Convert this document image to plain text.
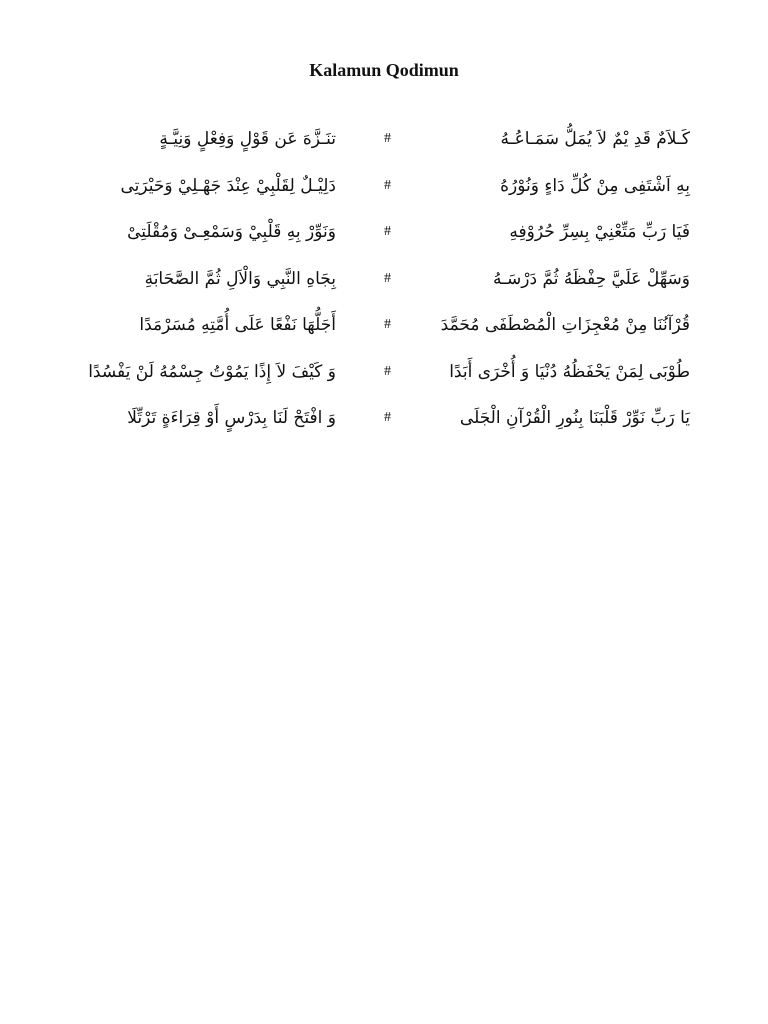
Kalamun Qodimun
كَـلاَمٌ قَدِ يْمٌ لاَ يُمَلُّ سَمَـاعُـهُ
#
تنَـزَّهَ عَن قَوْلٍ وَفِعْلٍ وَنِيَّـةٍ
بِهِ اَشْتَفِى مِنْ كُلِّ دَاءٍ وَنُوْرُهُ
#
دَلِيْـلٌ لِقَلْبِيْ عِنْدَ جَهْـلِيْ وَحَيْرَتِى
فَيَا رَبِّ مَتِّعْنِيْ بِسِرِّ حُرُوْفِهِ
#
وَنَوِّرْ بِهِ قَلْبِيْ وَسَمْعِـىْ وَمُقْلَتِىْ
وَسَهِّلْ عَلَيَّ حِفْظَهُ ثُمَّ دَرْسَـهُ
#
بِجَاهِ النَّبِي وَالْاَلِ ثُمَّ الصَّحَابَةِ
قُرْآنُنَا مِنْ مُعْجِزَاتِ الْمُصْطَفَى مُحَمَّدَ
#
أَجَلُّهَا نَفْعًا عَلَى أُمَّتِهِ مُسَرْمَدًا
طُوْبَى لِمَنْ يَحْفَظُهُ دُنْيَا وَ أُخْرَى أَبَدًا
#
وَ كَيْفَ لاَ إِذًا يَمُوْتُ جِسْمُهُ لَنْ يَفْسُدًا
يَا رَبِّ نَوِّرْ قَلْبَنَا بِنُورِ الْقُرْآنِ الْجَلَى
#
وَ افْتَحْ لَنَا بِدَرْسٍ أَوْ قِرَاءَةٍ تَرْتِّلَا
